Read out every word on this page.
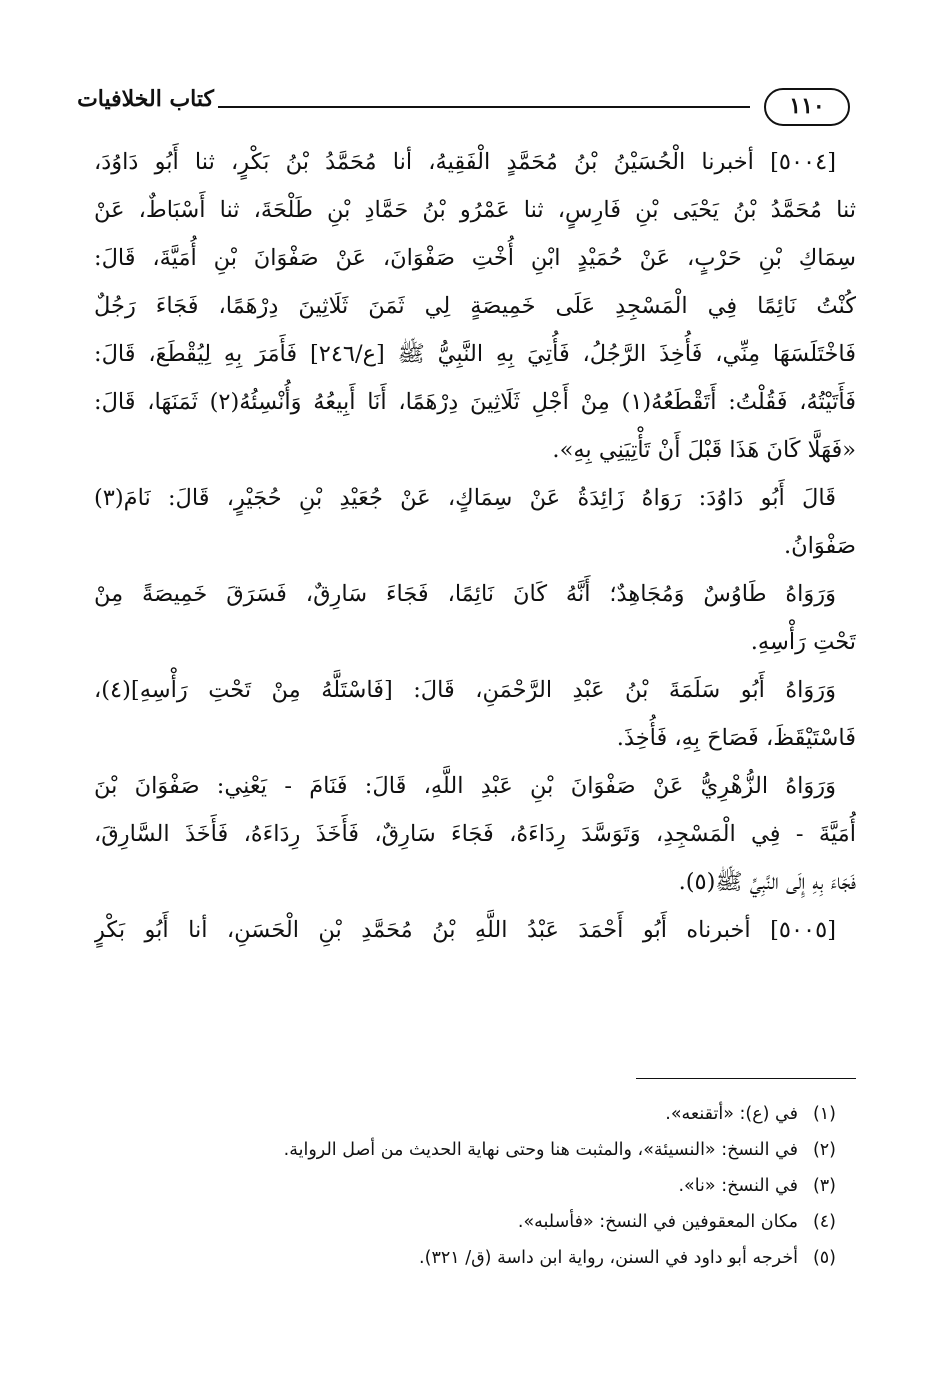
١١٠
كتاب الخلافيات
[٥٠٠٤] أخبرنا الْحُسَيْنُ بْنُ مُحَمَّدٍ الْفَقِيهُ، أنا مُحَمَّدُ بْنُ بَكْرٍ، ثنا أَبُو دَاوُدَ،
ثنا مُحَمَّدُ بْنُ يَحْيَى بْنِ فَارِسٍ، ثنا عَمْرُو بْنُ حَمَّادِ بْنِ طَلْحَةَ، ثنا أَسْبَاطٌ، عَنْ
سِمَاكِ بْنِ حَرْبٍ، عَنْ حُمَيْدٍ ابْنِ أُخْتِ صَفْوَانَ، عَنْ صَفْوَانَ بْنِ أُمَيَّةَ، قَالَ:
كُنْتُ نَائِمًا فِي الْمَسْجِدِ عَلَى خَمِيصَةٍ لِي ثَمَنَ ثَلَاثِينَ دِرْهَمًا، فَجَاءَ رَجُلٌ
فَاخْتَلَسَهَا مِنِّي، فَأُخِذَ الرَّجُلُ، فَأُتِيَ بِهِ النَّبِيُّ ﷺ [ع/٢٤٦] فَأَمَرَ بِهِ لِيُقْطَعَ، قَالَ:
فَأَتَيْتُهُ، فَقُلْتُ: أَتَقْطَعُهُ(١) مِنْ أَجْلِ ثَلَاثِينَ دِرْهَمًا، أَنَا أَبِيعُهُ وَأُنْسِئُهُ(٢) ثَمَنَهَا، قَالَ:
«فَهَلَّا كَانَ هَذَا قَبْلَ أَنْ تَأْتِيَنِي بِهِ».
قَالَ أَبُو دَاوُدَ: رَوَاهُ زَائِدَةُ عَنْ سِمَاكٍ، عَنْ جُعَيْدِ بْنِ حُجَيْرٍ، قَالَ: نَامَ(٣)
صَفْوَانُ.
وَرَوَاهُ طَاوُسٌ وَمُجَاهِدٌ؛ أَنَّهُ كَانَ نَائِمًا، فَجَاءَ سَارِقٌ، فَسَرَقَ خَمِيصَةً مِنْ
تَحْتِ رَأْسِهِ.
وَرَوَاهُ أَبُو سَلَمَةَ بْنُ عَبْدِ الرَّحْمَنِ، قَالَ: [فَاسْتَلَّهُ مِنْ تَحْتِ رَأْسِهِ](٤)،
فَاسْتَيْقَظَ، فَصَاحَ بِهِ، فَأُخِذَ.
وَرَوَاهُ الزُّهْرِيُّ عَنْ صَفْوَانَ بْنِ عَبْدِ اللَّهِ، قَالَ: فَنَامَ - يَعْنِي: صَفْوَانَ بْنَ
أُمَيَّةَ - فِي الْمَسْجِدِ، وَتَوَسَّدَ رِدَاءَهُ، فَجَاءَ سَارِقٌ، فَأَخَذَ رِدَاءَهُ، فَأَخَذَ السَّارِقَ،
فَجَاءَ بِهِ إِلَى النَّبِيِّ ﷺ(٥).
[٥٠٠٥] أخبرناه أَبُو أَحْمَدَ عَبْدُ اللَّهِ بْنُ مُحَمَّدِ بْنِ الْحَسَنِ، أنا أَبُو بَكْرٍ
(١)في (ع): «أتقنعه».
(٢)في النسخ: «النسيئة»، والمثبت هنا وحتى نهاية الحديث من أصل الرواية.
(٣)في النسخ: «نا».
(٤)مكان المعقوفين في النسخ: «فأسلبه».
(٥)أخرجه أبو داود في السنن، رواية ابن داسة (ق/ ٣٢١).
